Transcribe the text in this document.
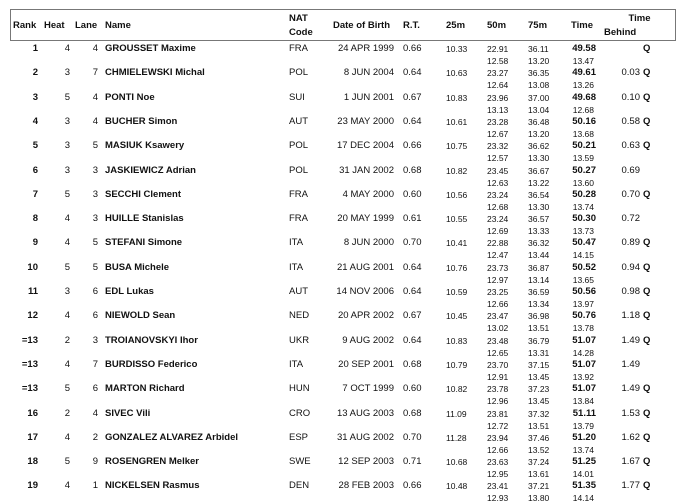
Rank Heat Lane Name
NAT
Code
Date of Birth R.T.	25m 50m 75m	Time
Time
Behind
1	4	4 GROUSSET Maxime	FRA	24 APR 1999 0.66	10.33 22.91 36.11	49.58	Q
12.58 13.20	13.47
2	3	7 CHMIELEWSKI Michal	POL	8 JUN 2004 0.64	10.63 23.27 36.35	49.61	0.03 Q
12.64 13.08	13.26
3	5	4 PONTI Noe	SUI	1 JUN 2001 0.67	10.83 23.96 37.00	49.68	0.10 Q
13.13 13.04	12.68
4	3	4 BUCHER Simon	AUT	23 MAY 2000 0.64	10.61 23.28 36.48	50.16	0.58 Q
12.67 13.20	13.68
5	3	5 MASIUK Ksawery	POL	17 DEC 2004 0.66	10.75 23.32 36.62	50.21	0.63 Q
12.57 13.30	13.59
6	3	3 JASKIEWICZ Adrian	POL	31 JAN 2002 0.68	10.82 23.45 36.67	50.27	0.69
12.63 13.22	13.60
7	5	3 SECCHI Clement	FRA	4 MAY 2000 0.60	10.56 23.24 36.54	50.28	0.70 Q
12.68 13.30	13.74
8	4	3 HUILLE Stanislas	FRA	20 MAY 1999 0.61	10.55 23.24 36.57	50.30	0.72
12.69 13.33	13.73
9	4	5 STEFANI Simone	ITA	8 JUN 2000 0.70	10.41 22.88 36.32	50.47	0.89 Q
12.47 13.44	14.15
10	5	5 BUSA Michele	ITA	21 AUG 2001 0.64	10.76 23.73 36.87	50.52	0.94 Q
12.97 13.14	13.65
11	3	6 EDL Lukas	AUT	14 NOV 2006 0.64	10.59 23.25 36.59	50.56	0.98 Q
12.66 13.34	13.97
12	4	6 NIEWOLD Sean	NED	20 APR 2002 0.67	10.45 23.47 36.98	50.76	1.18 Q
13.02 13.51	13.78
=13	2	3 TROIANOVSKYI Ihor	UKR	9 AUG 2002 0.64	10.83 23.48 36.79	51.07	1.49 Q
12.65 13.31	14.28
=13	4	7 BURDISSO Federico	ITA	20 SEP 2001 0.68	10.79 23.70 37.15	51.07	1.49
12.91 13.45	13.92
=13	5	6 MARTON Richard	HUN	7 OCT 1999 0.60	10.82 23.78 37.23	51.07	1.49 Q
12.96 13.45	13.84
16	2	4 SIVEC Vili	CRO	13 AUG 2003 0.68	11.09 23.81 37.32	51.11	1.53 Q
12.72 13.51	13.79
17	4	2 GONZALEZ ALVAREZ Arbidel	ESP	31 AUG 2002 0.70	11.28 23.94 37.46	51.20	1.62 Q
12.66 13.52	13.74
18	5	9 ROSENGREN Melker	SWE	12 SEP 2003 0.71	10.68 23.63 37.24	51.25	1.67 Q
12.95 13.61	14.01
19	4	1 NICKELSEN Rasmus	DEN	28 FEB 2003 0.66	10.48 23.41 37.21	51.35	1.77 Q
12.93 13.80	14.14
